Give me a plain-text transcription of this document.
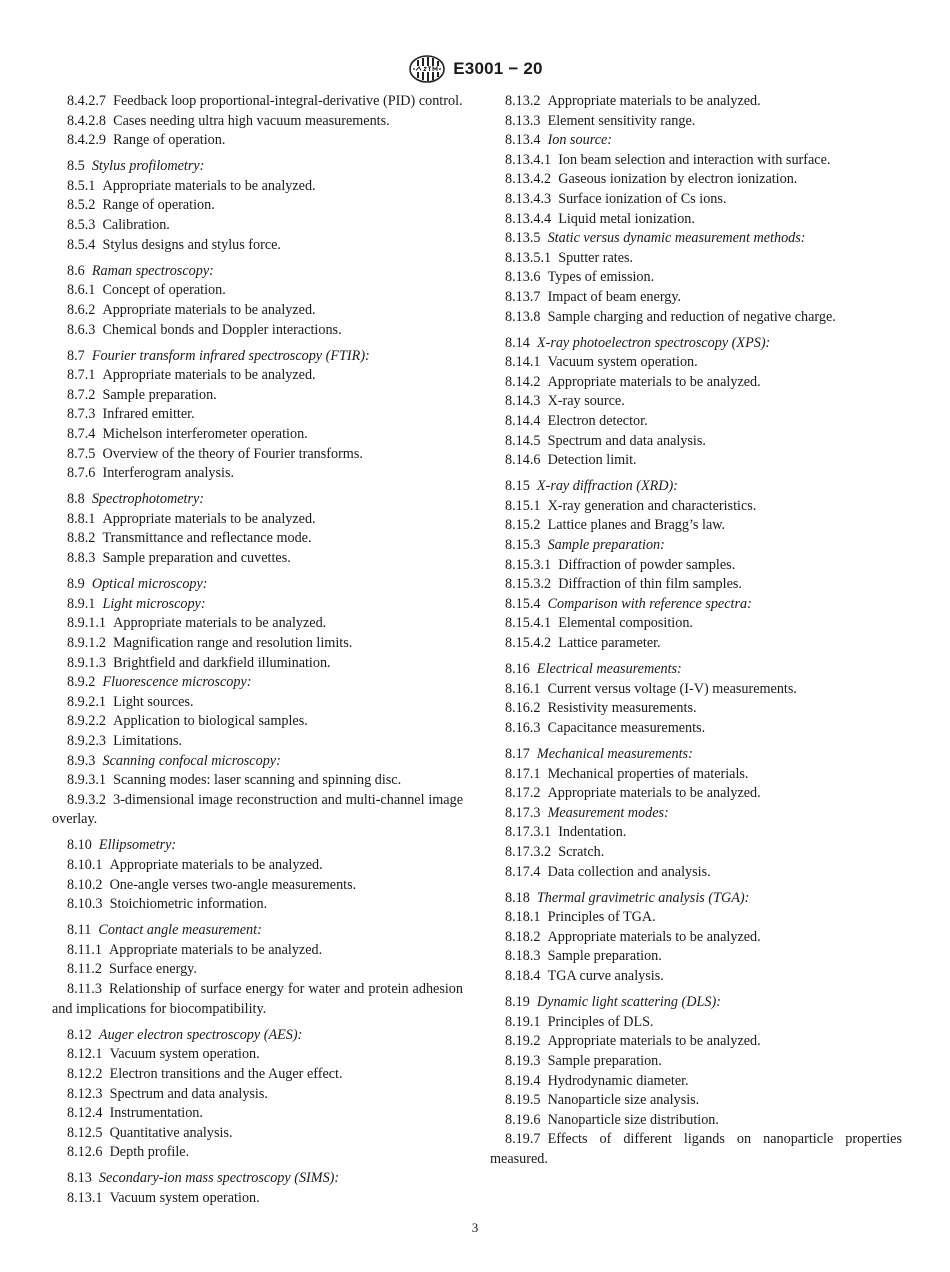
E3001 − 20

8.4.2.7  Feedback loop proportional-integral-derivative (PID) control.

8.4.2.8  Cases needing ultra high vacuum measurements.

8.4.2.9  Range of operation.

8.5  Stylus profilometry:

8.5.1  Appropriate materials to be analyzed.

8.5.2  Range of operation.

8.5.3  Calibration.

8.5.4  Stylus designs and stylus force.

8.6  Raman spectroscopy:

8.6.1  Concept of operation.

8.6.2  Appropriate materials to be analyzed.

8.6.3  Chemical bonds and Doppler interactions.

8.7  Fourier transform infrared spectroscopy (FTIR):

8.7.1  Appropriate materials to be analyzed.

8.7.2  Sample preparation.

8.7.3  Infrared emitter.

8.7.4  Michelson interferometer operation.

8.7.5  Overview of the theory of Fourier transforms.

8.7.6  Interferogram analysis.

8.8  Spectrophotometry:

8.8.1  Appropriate materials to be analyzed.

8.8.2  Transmittance and reflectance mode.

8.8.3  Sample preparation and cuvettes.

8.9  Optical microscopy:

8.9.1  Light microscopy:

8.9.1.1  Appropriate materials to be analyzed.

8.9.1.2  Magnification range and resolution limits.

8.9.1.3  Brightfield and darkfield illumination.

8.9.2  Fluorescence microscopy:

8.9.2.1  Light sources.

8.9.2.2  Application to biological samples.

8.9.2.3  Limitations.

8.9.3  Scanning confocal microscopy:

8.9.3.1  Scanning modes: laser scanning and spinning disc.

8.9.3.2  3-dimensional image reconstruction and multi-channel image overlay.

8.10  Ellipsometry:

8.10.1  Appropriate materials to be analyzed.

8.10.2  One-angle verses two-angle measurements.

8.10.3  Stoichiometric information.

8.11  Contact angle measurement:

8.11.1  Appropriate materials to be analyzed.

8.11.2  Surface energy.

8.11.3  Relationship of surface energy for water and protein adhesion and implications for biocompatibility.

8.12  Auger electron spectroscopy (AES):

8.12.1  Vacuum system operation.

8.12.2  Electron transitions and the Auger effect.

8.12.3  Spectrum and data analysis.

8.12.4  Instrumentation.

8.12.5  Quantitative analysis.

8.12.6  Depth profile.

8.13  Secondary-ion mass spectroscopy (SIMS):

8.13.1  Vacuum system operation.

8.13.2  Appropriate materials to be analyzed.

8.13.3  Element sensitivity range.

8.13.4  Ion source:

8.13.4.1  Ion beam selection and interaction with surface.

8.13.4.2  Gaseous ionization by electron ionization.

8.13.4.3  Surface ionization of Cs ions.

8.13.4.4  Liquid metal ionization.

8.13.5  Static versus dynamic measurement methods:

8.13.5.1  Sputter rates.

8.13.6  Types of emission.

8.13.7  Impact of beam energy.

8.13.8  Sample charging and reduction of negative charge.

8.14  X-ray photoelectron spectroscopy (XPS):

8.14.1  Vacuum system operation.

8.14.2  Appropriate materials to be analyzed.

8.14.3  X-ray source.

8.14.4  Electron detector.

8.14.5  Spectrum and data analysis.

8.14.6  Detection limit.

8.15  X-ray diffraction (XRD):

8.15.1  X-ray generation and characteristics.

8.15.2  Lattice planes and Bragg’s law.

8.15.3  Sample preparation:

8.15.3.1  Diffraction of powder samples.

8.15.3.2  Diffraction of thin film samples.

8.15.4  Comparison with reference spectra:

8.15.4.1  Elemental composition.

8.15.4.2  Lattice parameter.

8.16  Electrical measurements:

8.16.1  Current versus voltage (I-V) measurements.

8.16.2  Resistivity measurements.

8.16.3  Capacitance measurements.

8.17  Mechanical measurements:

8.17.1  Mechanical properties of materials.

8.17.2  Appropriate materials to be analyzed.

8.17.3  Measurement modes:

8.17.3.1  Indentation.

8.17.3.2  Scratch.

8.17.4  Data collection and analysis.

8.18  Thermal gravimetric analysis (TGA):

8.18.1  Principles of TGA.

8.18.2  Appropriate materials to be analyzed.

8.18.3  Sample preparation.

8.18.4  TGA curve analysis.

8.19  Dynamic light scattering (DLS):

8.19.1  Principles of DLS.

8.19.2  Appropriate materials to be analyzed.

8.19.3  Sample preparation.

8.19.4  Hydrodynamic diameter.

8.19.5  Nanoparticle size analysis.

8.19.6  Nanoparticle size distribution.

8.19.7  Effects of different ligands on nanoparticle properties measured.

3
